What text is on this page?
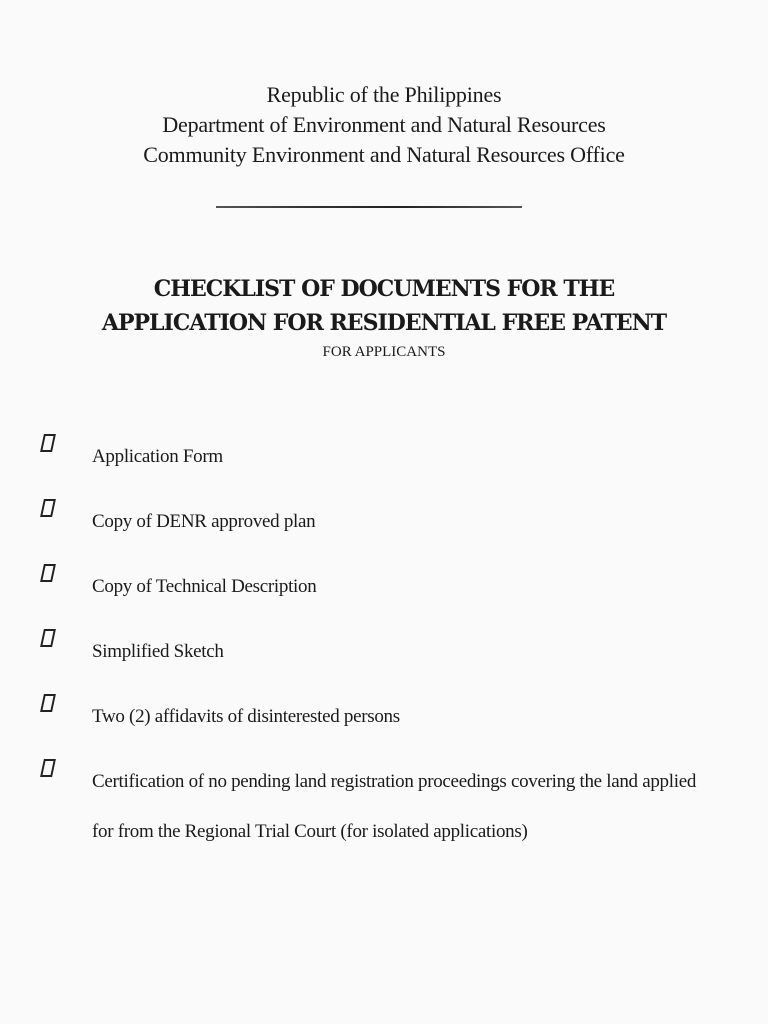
Republic of the Philippines
Department of Environment and Natural Resources
Community Environment and Natural Resources Office
CHECKLIST OF DOCUMENTS FOR THE
APPLICATION FOR RESIDENTIAL FREE PATENT
FOR APPLICANTS
Application Form
Copy of DENR approved plan
Copy of Technical Description
Simplified Sketch
Two (2) affidavits of disinterested persons
Certification of no pending land registration proceedings covering the land applied for from the Regional Trial Court (for isolated applications)
